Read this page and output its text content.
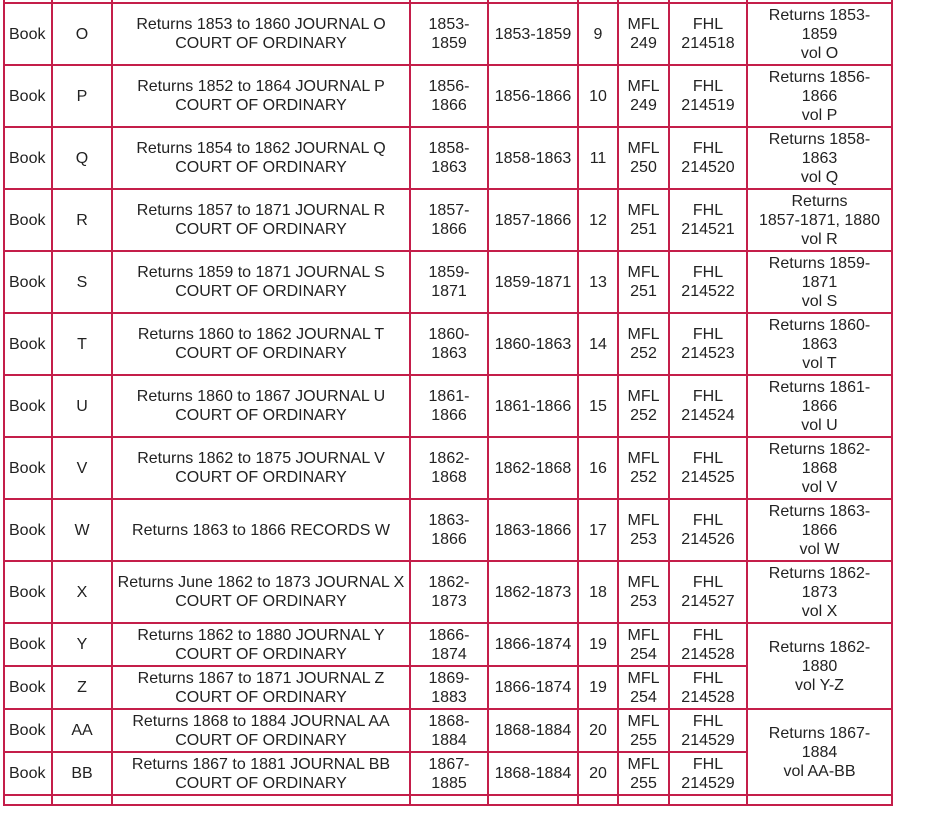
Book	O	Returns 1853 to 1860 JOURNAL O
COURT OF ORDINARY	1853-
1859	1853-1859	9	MFL
249	FHL
214518	Returns 1853-
1859
vol O

Book	P	Returns 1852 to 1864 JOURNAL P
COURT OF ORDINARY	1856-
1866	1856-1866	10	MFL
249	FHL
214519	Returns 1856-
1866
vol P

Book	Q	Returns 1854 to 1862 JOURNAL Q
COURT OF ORDINARY	1858-
1863	1858-1863	11	MFL
250	FHL
214520	Returns 1858-
1863
vol Q

Book	R	Returns 1857 to 1871 JOURNAL R
COURT OF ORDINARY	1857-
1866	1857-1866	12	MFL
251	FHL
214521	Returns
1857-1871, 1880
vol R

Book	S	Returns 1859 to 1871 JOURNAL S
COURT OF ORDINARY	1859-
1871	1859-1871	13	MFL
251	FHL
214522	Returns 1859-
1871
vol S

Book	T	Returns 1860 to 1862 JOURNAL T
COURT OF ORDINARY	1860-
1863	1860-1863	14	MFL
252	FHL
214523	Returns 1860-
1863
vol T

Book	U	Returns 1860 to 1867 JOURNAL U
COURT OF ORDINARY	1861-
1866	1861-1866	15	MFL
252	FHL
214524	Returns 1861-
1866
vol U

Book	V	Returns 1862 to 1875 JOURNAL V
COURT OF ORDINARY	1862-
1868	1862-1868	16	MFL
252	FHL
214525	Returns 1862-
1868
vol V

Book	W	Returns 1863 to 1866 RECORDS W	1863-
1866	1863-1866	17	MFL
253	FHL
214526	Returns 1863-
1866
vol W

Book	X	Returns June 1862 to 1873 JOURNAL X
COURT OF ORDINARY	1862-
1873	1862-1873	18	MFL
253	FHL
214527	Returns 1862-
1873
vol X

Book	Y	Returns 1862 to 1880 JOURNAL Y
COURT OF ORDINARY	1866-
1874	1866-1874	19	MFL
254	FHL
214528	Returns 1862-
1880
vol Y-Z

Book	Z	Returns 1867 to 1871 JOURNAL Z
COURT OF ORDINARY	1869-
1883	1866-1874	19	MFL
254	FHL
214528	

Book	AA	Returns 1868 to 1884 JOURNAL AA
COURT OF ORDINARY	1868-
1884	1868-1884	20	MFL
255	FHL
214529	Returns 1867-
1884
vol AA-BB

Book	BB	Returns 1867 to 1881 JOURNAL BB
COURT OF ORDINARY	1867-
1885	1868-1884	20	MFL
255	FHL
214529	
